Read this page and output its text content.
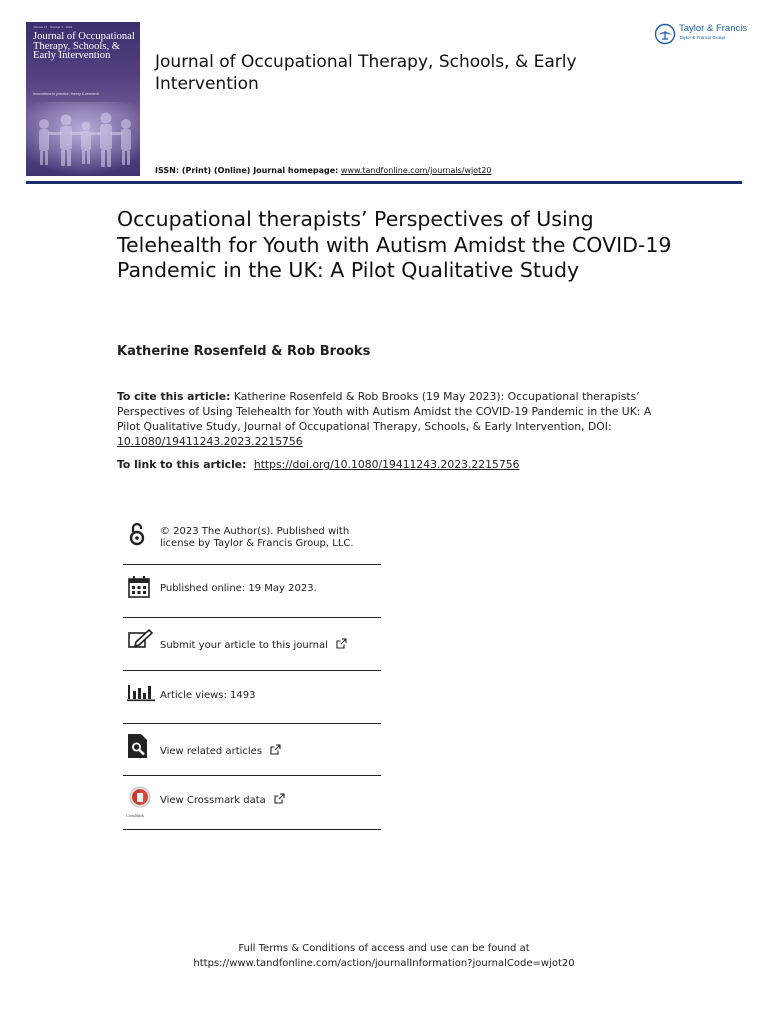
Volume 17 · Number 1 · 2023
Journal of Occupational Therapy, Schools, & Early Intervention
Innovations in practice, theory & research
Journal of Occupational Therapy, Schools, & Early Intervention
Taylor & Francis
Taylor & Francis Group
ISSN: (Print) (Online) Journal homepage: www.tandfonline.com/journals/wjot20
Occupational therapists’ Perspectives of Using Telehealth for Youth with Autism Amidst the COVID-19 Pandemic in the UK: A Pilot Qualitative Study
Katherine Rosenfeld & Rob Brooks
To cite this article: Katherine Rosenfeld & Rob Brooks (19 May 2023): Occupational therapists’ Perspectives of Using Telehealth for Youth with Autism Amidst the COVID-19 Pandemic in the UK: A Pilot Qualitative Study, Journal of Occupational Therapy, Schools, & Early Intervention, DOI: 10.1080/19411243.2023.2215756
To link to this article: https://doi.org/10.1080/19411243.2023.2215756
© 2023 The Author(s). Published with
license by Taylor & Francis Group, LLC.
Published online: 19 May 2023.
Submit your article to this journal
Article views: 1493
View related articles
CrossMark
View Crossmark data
Full Terms & Conditions of access and use can be found at
https://www.tandfonline.com/action/journalInformation?journalCode=wjot20
